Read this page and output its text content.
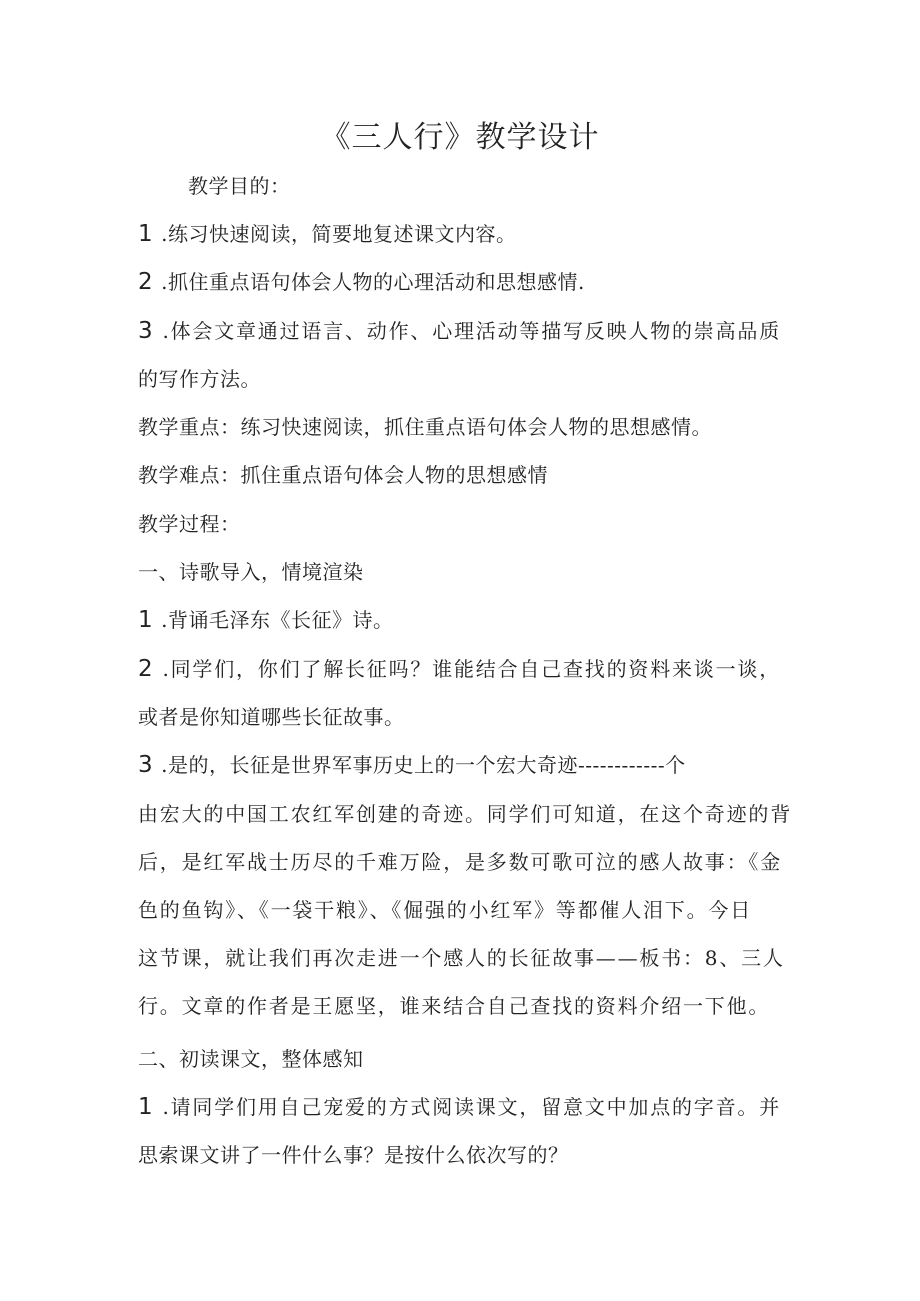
《三人行》教学设计
教学目的：
1 .练习快速阅读，简要地复述课文内容。
2 .抓住重点语句体会人物的心理活动和思想感情.
3 .体会文章通过语言、动作、心理活动等描写反映人物的崇高品质
的写作方法。
教学重点：练习快速阅读，抓住重点语句体会人物的思想感情。
教学难点：抓住重点语句体会人物的思想感情
教学过程：
一、诗歌导入，情境渲染
1 .背诵毛泽东《长征》诗。
2 .同学们，你们了解长征吗？谁能结合自己查找的资料来谈一谈，
或者是你知道哪些长征故事。
3 .是的，长征是世界军事历史上的一个宏大奇迹------------个
由宏大的中国工农红军创建的奇迹。同学们可知道，在这个奇迹的背
后，是红军战士历尽的千难万险，是多数可歌可泣的感人故事：《金
色的鱼钩》、《一袋干粮》、《倔强的小红军》等都催人泪下。今日
这节课，就让我们再次走进一个感人的长征故事——板书：8、三人
行。文章的作者是王愿坚，谁来结合自己查找的资料介绍一下他。
二、初读课文，整体感知
1 .请同学们用自己宠爱的方式阅读课文，留意文中加点的字音。并
思索课文讲了一件什么事？是按什么依次写的？
